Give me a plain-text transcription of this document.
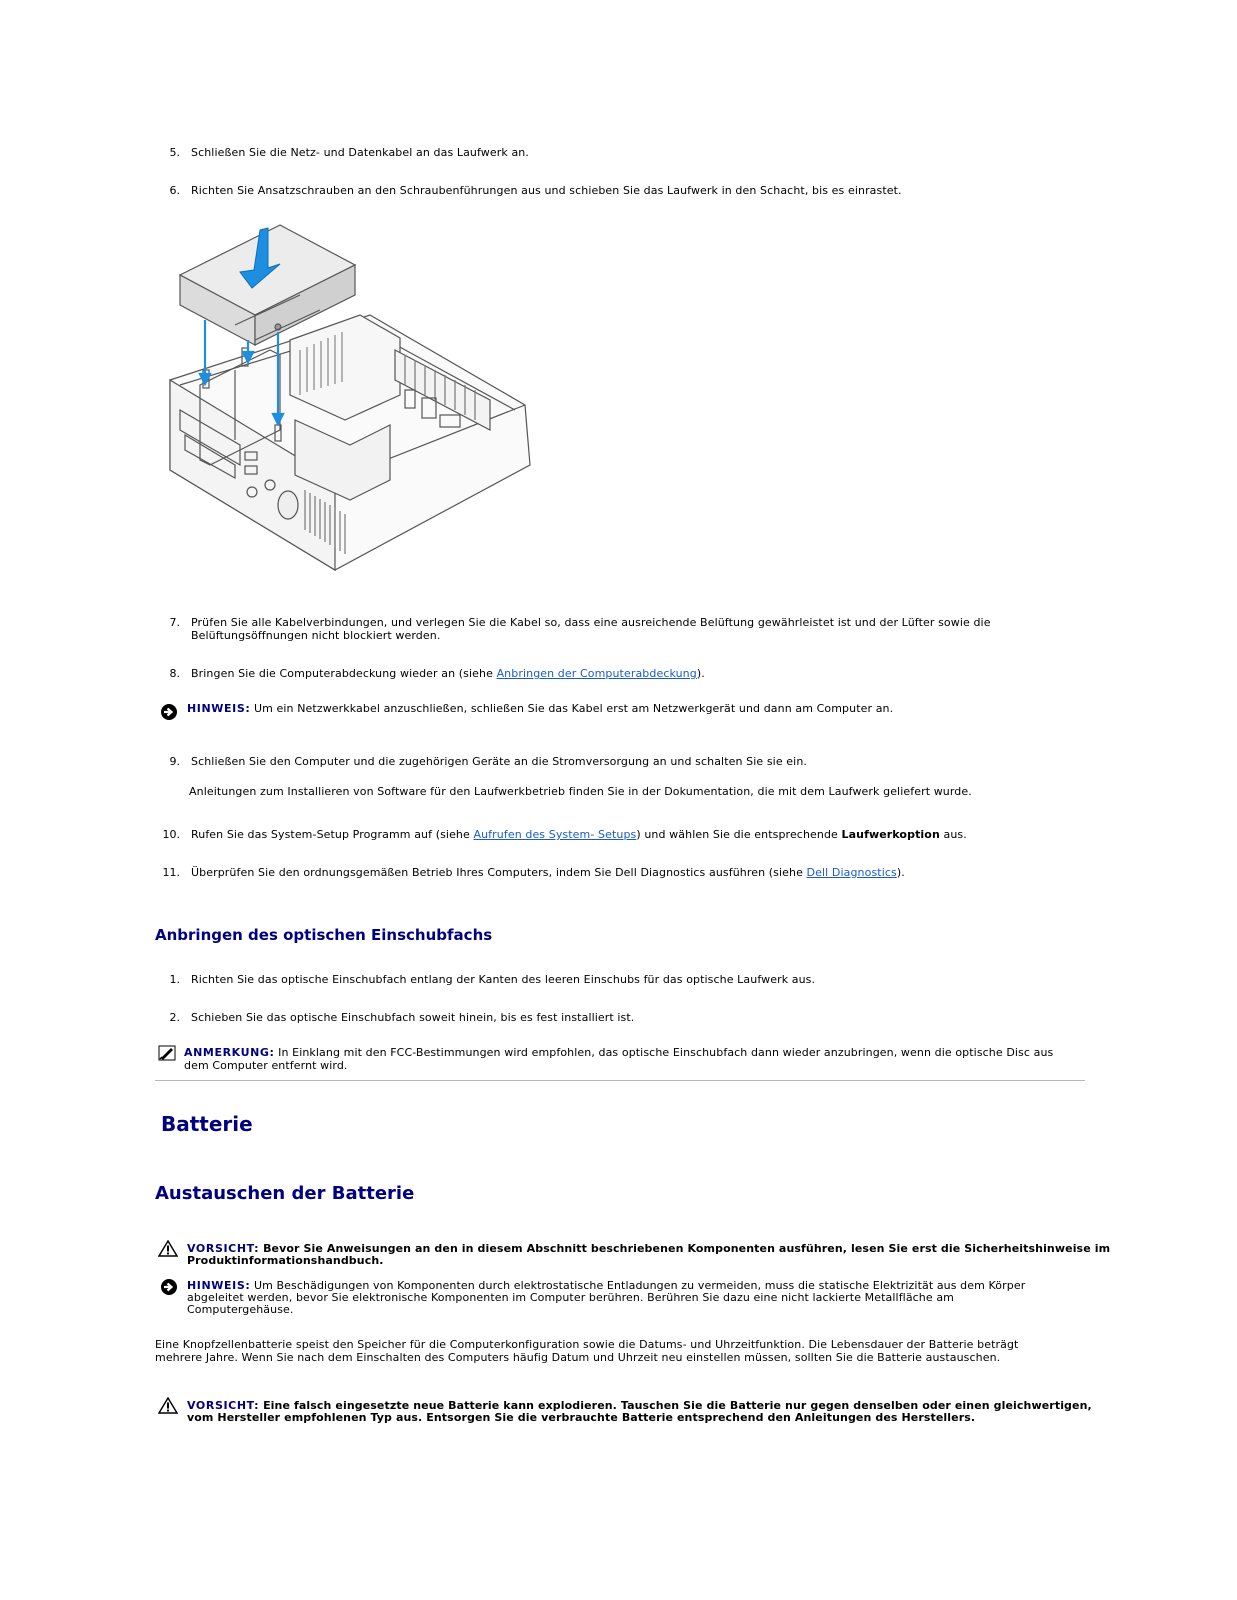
5. Schließen Sie die Netz- und Datenkabel an das Laufwerk an.
6. Richten Sie Ansatzschrauben an den Schraubenführungen aus und schieben Sie das Laufwerk in den Schacht, bis es einrastet.
7. Prüfen Sie alle Kabelverbindungen, und verlegen Sie die Kabel so, dass eine ausreichende Belüftung gewährleistet ist und der Lüfter sowie die
Belüftungsöffnungen nicht blockiert werden.
8. Bringen Sie die Computerabdeckung wieder an (siehe Anbringen der Computerabdeckung).
HINWEIS: Um ein Netzwerkkabel anzuschließen, schließen Sie das Kabel erst am Netzwerkgerät und dann am Computer an.
9. Schließen Sie den Computer und die zugehörigen Geräte an die Stromversorgung an und schalten Sie sie ein.
Anleitungen zum Installieren von Software für den Laufwerkbetrieb finden Sie in der Dokumentation, die mit dem Laufwerk geliefert wurde.
10. Rufen Sie das System-Setup Programm auf (siehe Aufrufen des System- Setups) und wählen Sie die entsprechende Laufwerkoption aus.
11. Überprüfen Sie den ordnungsgemäßen Betrieb Ihres Computers, indem Sie Dell Diagnostics ausführen (siehe Dell Diagnostics).
Anbringen des optischen Einschubfachs
1. Richten Sie das optische Einschubfach entlang der Kanten des leeren Einschubs für das optische Laufwerk aus.
2. Schieben Sie das optische Einschubfach soweit hinein, bis es fest installiert ist.
ANMERKUNG: In Einklang mit den FCC-Bestimmungen wird empfohlen, das optische Einschubfach dann wieder anzubringen, wenn die optische Disc aus
dem Computer entfernt wird.
Batterie
Austauschen der Batterie
VORSICHT: Bevor Sie Anweisungen an den in diesem Abschnitt beschriebenen Komponenten ausführen, lesen Sie erst die Sicherheitshinweise im
Produktinformationshandbuch.
HINWEIS: Um Beschädigungen von Komponenten durch elektrostatische Entladungen zu vermeiden, muss die statische Elektrizität aus dem Körper
abgeleitet werden, bevor Sie elektronische Komponenten im Computer berühren. Berühren Sie dazu eine nicht lackierte Metallfläche am
Computergehäuse.
Eine Knopfzellenbatterie speist den Speicher für die Computerkonfiguration sowie die Datums- und Uhrzeitfunktion. Die Lebensdauer der Batterie beträgt
mehrere Jahre. Wenn Sie nach dem Einschalten des Computers häufig Datum und Uhrzeit neu einstellen müssen, sollten Sie die Batterie austauschen.
VORSICHT: Eine falsch eingesetzte neue Batterie kann explodieren. Tauschen Sie die Batterie nur gegen denselben oder einen gleichwertigen,
vom Hersteller empfohlenen Typ aus. Entsorgen Sie die verbrauchte Batterie entsprechend den Anleitungen des Herstellers.
